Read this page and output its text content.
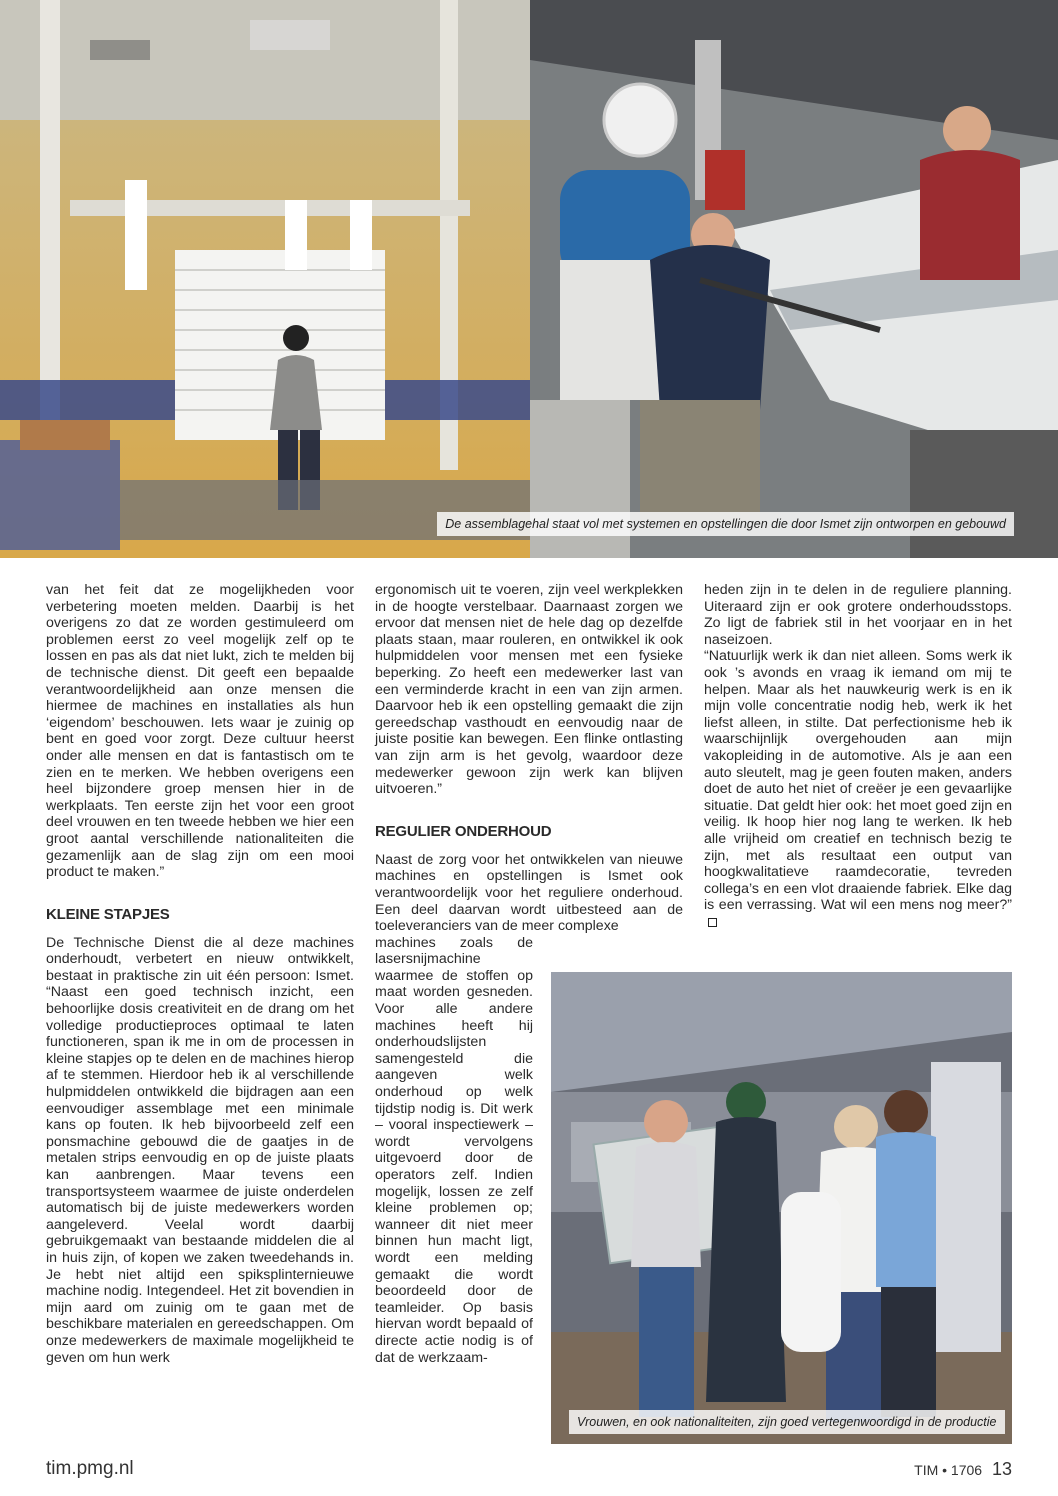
De assemblagehal staat vol met systemen en opstellingen die door Ismet zijn ontworpen en gebouwd

van het feit dat ze mogelijkheden voor verbetering moeten melden. Daarbij is het overigens zo dat ze worden gestimuleerd om problemen eerst zo veel mogelijk zelf op te lossen en pas als dat niet lukt, zich te melden bij de technische dienst. Dit geeft een bepaalde verantwoordelijkheid aan onze mensen die hiermee de machines en installaties als hun ‘eigendom’ beschouwen. Iets waar je zuinig op bent en goed voor zorgt. Deze cultuur heerst onder alle mensen en dat is fantastisch om te zien en te merken. We hebben overigens een heel bijzondere groep mensen hier in de werkplaats. Ten eerste zijn het voor een groot deel vrouwen en ten tweede hebben we hier een groot aantal verschillende nationaliteiten die gezamenlijk aan de slag zijn om een mooi product te maken.”

KLEINE STAPJES

De Technische Dienst die al deze machines onderhoudt, verbetert en nieuw ontwikkelt, bestaat in praktische zin uit één persoon: Ismet. “Naast een goed technisch inzicht, een behoorlijke dosis creativiteit en de drang om het volledige productieproces optimaal te laten functioneren, span ik me in om de processen in kleine stapjes op te delen en de machines hierop af te stemmen. Hierdoor heb ik al verschillende hulpmiddelen ontwikkeld die bijdragen aan een eenvoudiger assemblage met een minimale kans op fouten. Ik heb bijvoorbeeld zelf een ponsmachine gebouwd die de gaatjes in de metalen strips eenvoudig en op de juiste plaats kan aanbrengen. Maar tevens een transportsysteem waarmee de juiste onderdelen automatisch bij de juiste medewerkers worden aangeleverd. Veelal wordt daarbij gebruikgemaakt van bestaande middelen die al in huis zijn, of kopen we zaken tweedehands in. Je hebt niet altijd een spiksplinternieuwe machine nodig. Integendeel. Het zit bovendien in mijn aard om zuinig om te gaan met de beschikbare materialen en gereedschappen. Om onze medewerkers de maximale mogelijkheid te geven om hun werk

ergonomisch uit te voeren, zijn veel werkplekken in de hoogte verstelbaar. Daarnaast zorgen we ervoor dat mensen niet de hele dag op dezelfde plaats staan, maar rouleren, en ontwikkel ik ook hulpmiddelen voor mensen met een fysieke beperking. Zo heeft een medewerker last van een verminderde kracht in een van zijn armen. Daarvoor heb ik een opstelling gemaakt die zijn gereedschap vasthoudt en eenvoudig naar de juiste positie kan bewegen. Een flinke ontlasting van zijn arm is het gevolg, waardoor deze medewerker gewoon zijn werk kan blijven uitvoeren.”

REGULIER ONDERHOUD

Naast de zorg voor het ontwikkelen van nieuwe machines en opstellingen is Ismet ook verantwoordelijk voor het reguliere onderhoud. Een deel daarvan wordt uitbesteed aan de toeleveranciers van de meer complexe

machines zoals de lasersnijmachine waarmee de stoffen op maat worden gesneden. Voor alle andere machines heeft hij onderhoudslijsten samengesteld die aangeven welk onderhoud op welk tijdstip nodig is. Dit werk – vooral inspectiewerk – wordt vervolgens uitgevoerd door de operators zelf. Indien mogelijk, lossen ze zelf kleine problemen op; wanneer dit niet meer binnen hun macht ligt, wordt een melding gemaakt die wordt beoordeeld door de teamleider. Op basis hiervan wordt bepaald of directe actie nodig is of dat de werkzaam-

heden zijn in te delen in de reguliere planning. Uiteraard zijn er ook grotere onderhoudsstops. Zo ligt de fabriek stil in het voorjaar en in het naseizoen.

“Natuurlijk werk ik dan niet alleen. Soms werk ik ook ’s avonds en vraag ik iemand om mij te helpen. Maar als het nauwkeurig werk is en ik mijn volle concentratie nodig heb, werk ik het liefst alleen, in stilte. Dat perfectionisme heb ik waarschijnlijk overgehouden aan mijn vakopleiding in de automotive. Als je aan een auto sleutelt, mag je geen fouten maken, anders doet de auto het niet of creëer je een gevaarlijke situatie. Dat geldt hier ook: het moet goed zijn en veilig. Ik hoop hier nog lang te werken. Ik heb alle vrijheid om creatief en technisch bezig te zijn, met als resultaat een output van hoogkwalitatieve raamdecoratie, tevreden collega’s en een vlot draaiende fabriek. Elke dag is een verrassing. Wat wil een mens nog meer?”

Vrouwen, en ook nationaliteiten, zijn goed vertegenwoordigd in de productie
tim.pmg.nl	TIM • 1706 13
